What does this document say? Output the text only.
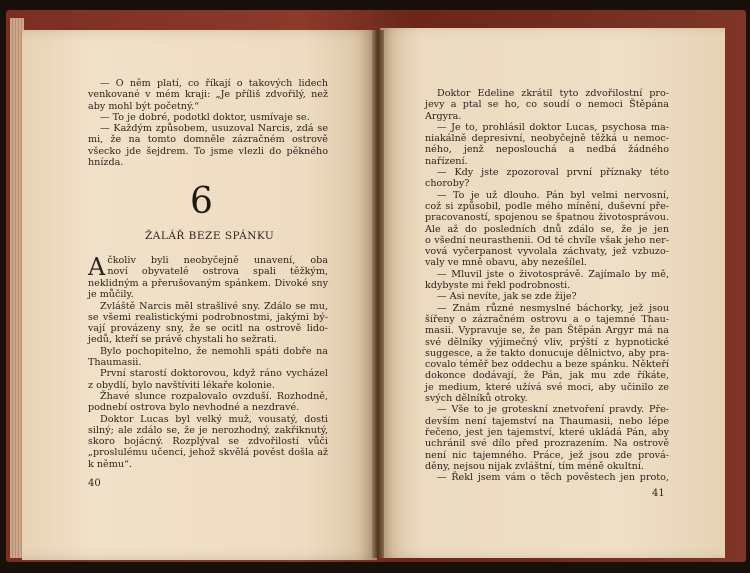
— O něm platí, co říkají o takových lidech

venkované v mém kraji: „Je příliš zdvořilý, než

aby mohl být početný.“

— To je dobré, podotkl doktor, usmívaje se.

— Každým způsobem, usuzoval Narcis, zdá se

mi, že na tomto domněle zázračném ostrově

všecko jde šejdrem. To jsme vlezli do pěkného

hnízda.

6
ŽALÁŘ BEZE SPÁNKU
A čkoliv byli neobyčejně unavení, oba

noví obyvatelé ostrova spali těžkým,

neklidným a přerušovaným spánkem. Divoké sny

je můčily.

Zvláště Narcis měl strašlivé sny. Zdálo se mu,

se všemi realistickými podrobnostmi, jakými bý-

vají provázeny sny, že se ocitl na ostrově lido-

jedů, kteří se právě chystali ho sežrati.

Bylo pochopitelno, že nemohli spáti dobře na

Thaumasii.

První starostí doktorovou, když ráno vycházel

z obydlí, bylo navštíviti lékaře kolonie.

Žhavé slunce rozpalovalo ovzduší. Rozhodně,

podnebí ostrova bylo nevhodné a nezdravé.

Doktor Lucas byl velký muž, vousatý, dosti

silný; ale zdálo se, že je nerozhodný, zakřiknutý,

skoro bojácný. Rozplýval se zdvořilostí vůči

„proslulému učenci, jehož skvělá pověst došla až

k němu“.

40

Doktor Edeline zkrátil tyto zdvořilostní pro-

jevy a ptal se ho, co soudí o nemoci Štěpána

Argyra.

— Je to, prohlásil doktor Lucas, psychosa ma-

niakálně depresivní, neobyčejně těžká u nemoc-

ného, jenž neposlouchá a nedbá žádného nařízení.

— Kdy jste zpozoroval první příznaky této

choroby?

— To je už dlouho. Pán byl velmi nervosní,

což si způsobil, podle mého mínění, duševní pře-

pracovaností, spojenou se špatnou životosprávou.

Ale až do posledních dnů zdálo se, že je jen

o všední neurasthenii. Od té chvíle však jeho ner-

vová vyčerpanost vyvolala záchvaty, jež vzbuzo-

valy ve mně obavu, aby nezešílel.

— Mluvil jste o životosprávě. Zajímalo by mě,

kdybyste mi řekl podrobnosti.

— Asi nevíte, jak se zde žije?

— Znám různé nesmyslné báchorky, jež jsou

šířeny o zázračném ostrovu a o tajemné Thau-

masii. Vypravuje se, že pan Štěpán Argyr má na

své dělníky výjimečný vliv, prýští z hypnotické

suggesce, a že takto donucuje dělnictvo, aby pra-

covalo téměř bez oddechu a beze spánku. Někteří

dokonce dodávají, že Pán, jak mu zde říkáte,

je medium, které užívá své moci, aby učinilo ze

svých dělníků otroky.

— Vše to je groteskní znetvoření pravdy. Pře-

devším není tajemství na Thaumasii, nebo lépe

řečeno, jest jen tajemství, které ukládá Pán, aby

uchránil své dílo před prozrazením. Na ostrově

není nic tajemného. Práce, jež jsou zde prová-

děny, nejsou nijak zvláštní, tím méně okultní.

— Řekl jsem vám o těch pověstech jen proto,

41
